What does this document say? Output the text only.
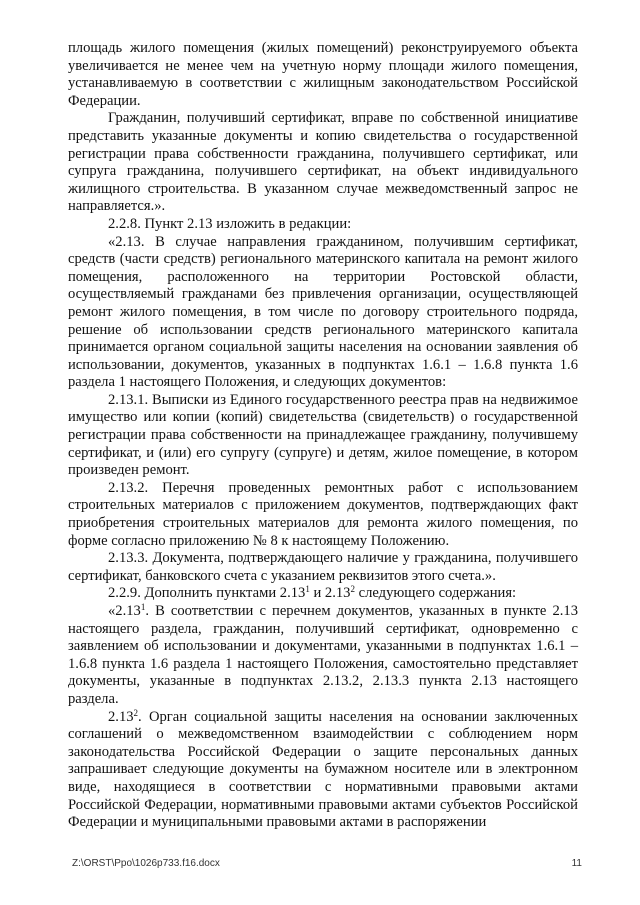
площадь жилого помещения (жилых помещений) реконструируемого объекта увеличивается не менее чем на учетную норму площади жилого помещения, устанавливаемую в соответствии с жилищным законодательством Российской Федерации.

Гражданин, получивший сертификат, вправе по собственной инициативе представить указанные документы и копию свидетельства о государственной регистрации права собственности гражданина, получившего сертификат, или супруга гражданина, получившего сертификат, на объект индивидуального жилищного строительства. В указанном случае межведомственный запрос не направляется.».

2.2.8. Пункт 2.13 изложить в редакции:

«2.13. В случае направления гражданином, получившим сертификат, средств (части средств) регионального материнского капитала на ремонт жилого помещения, расположенного на территории Ростовской области, осуществляемый гражданами без привлечения организации, осуществляющей ремонт жилого помещения, в том числе по договору строительного подряда, решение об использовании средств регионального материнского капитала принимается органом социальной защиты населения на основании заявления об использовании, документов, указанных в подпунктах 1.6.1 – 1.6.8 пункта 1.6 раздела 1 настоящего Положения, и следующих документов:

2.13.1. Выписки из Единого государственного реестра прав на недвижимое имущество или копии (копий) свидетельства (свидетельств) о государственной регистрации права собственности на принадлежащее гражданину, получившему сертификат, и (или) его супругу (супруге) и детям, жилое помещение, в котором произведен ремонт.

2.13.2. Перечня проведенных ремонтных работ с использованием строительных материалов с приложением документов, подтверждающих факт приобретения строительных материалов для ремонта жилого помещения, по форме согласно приложению № 8 к настоящему Положению.

2.13.3. Документа, подтверждающего наличие у гражданина, получившего сертификат, банковского счета с указанием реквизитов этого счета.».

2.2.9. Дополнить пунктами 2.13$^1$ и 2.13$^2$ следующего содержания:

«2.13$^1$. В соответствии с перечнем документов, указанных в пункте 2.13 настоящего раздела, гражданин, получивший сертификат, одновременно с заявлением об использовании и документами, указанными в подпунктах 1.6.1 – 1.6.8 пункта 1.6 раздела 1 настоящего Положения, самостоятельно представляет документы, указанные в подпунктах 2.13.2, 2.13.3 пункта 2.13 настоящего раздела.

2.13$^2$. Орган социальной защиты населения на основании заключенных соглашений о межведомственном взаимодействии с соблюдением норм законодательства Российской Федерации о защите персональных данных запрашивает следующие документы на бумажном носителе или в электронном виде, находящиеся в соответствии с нормативными правовыми актами Российской Федерации, нормативными правовыми актами субъектов Российской Федерации и муниципальными правовыми актами в распоряжении

Z:\ORST\Ppo\1026p733.f16.docx	11
